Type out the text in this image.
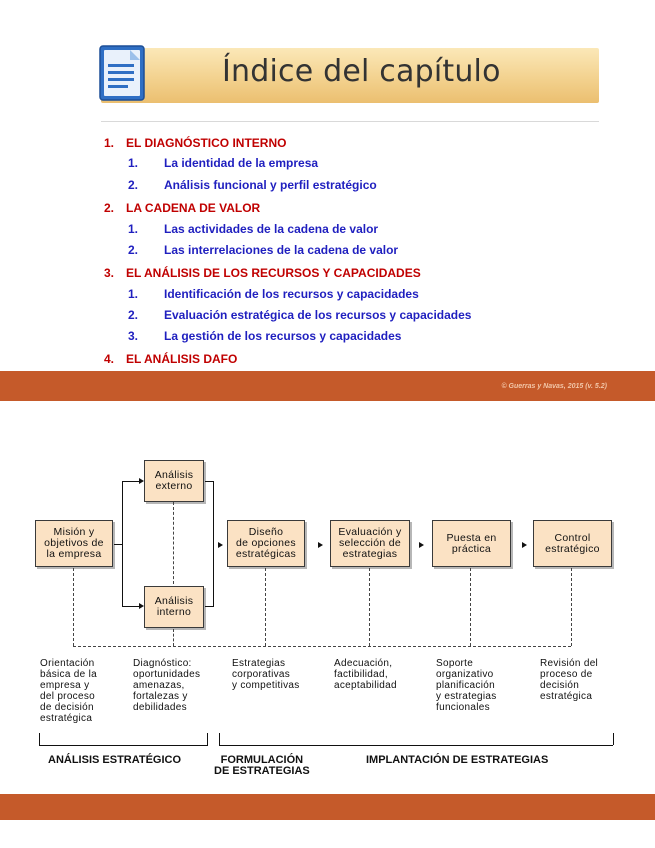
Índice del capítulo
1. EL DIAGNÓSTICO INTERNO
1. La identidad de la empresa
2. Análisis funcional y perfil estratégico
2. LA CADENA DE VALOR
1. Las actividades de la cadena de valor
2. Las interrelaciones de la cadena de valor
3. EL ANÁLISIS DE LOS RECURSOS Y CAPACIDADES
1. Identificación de los recursos y capacidades
2. Evaluación estratégica de los recursos y capacidades
3. La gestión de los recursos y capacidades
4. EL ANÁLISIS DAFO
© Guerras y Navas, 2015 (v. 5.2)
Misión y
objetivos de
la empresa
Análisis
externo
Análisis
interno
Diseño
de opciones
estratégicas
Evaluación y
selección de
estrategias
Puesta en
práctica
Control
estratégico
Orientación
básica de la
empresa y
del proceso
de decisión
estratégica
Diagnóstico:
oportunidades
amenazas,
fortalezas y
debilidades
Estrategias
corporativas
y competitivas
Adecuación,
factibilidad,
aceptabilidad
Soporte
organizativo
planificación
y estrategias
funcionales
Revisión del
proceso de
decisión
estratégica
ANÁLISIS ESTRATÉGICO	FORMULACIÓN
DE ESTRATEGIAS
IMPLANTACIÓN DE ESTRATEGIAS
